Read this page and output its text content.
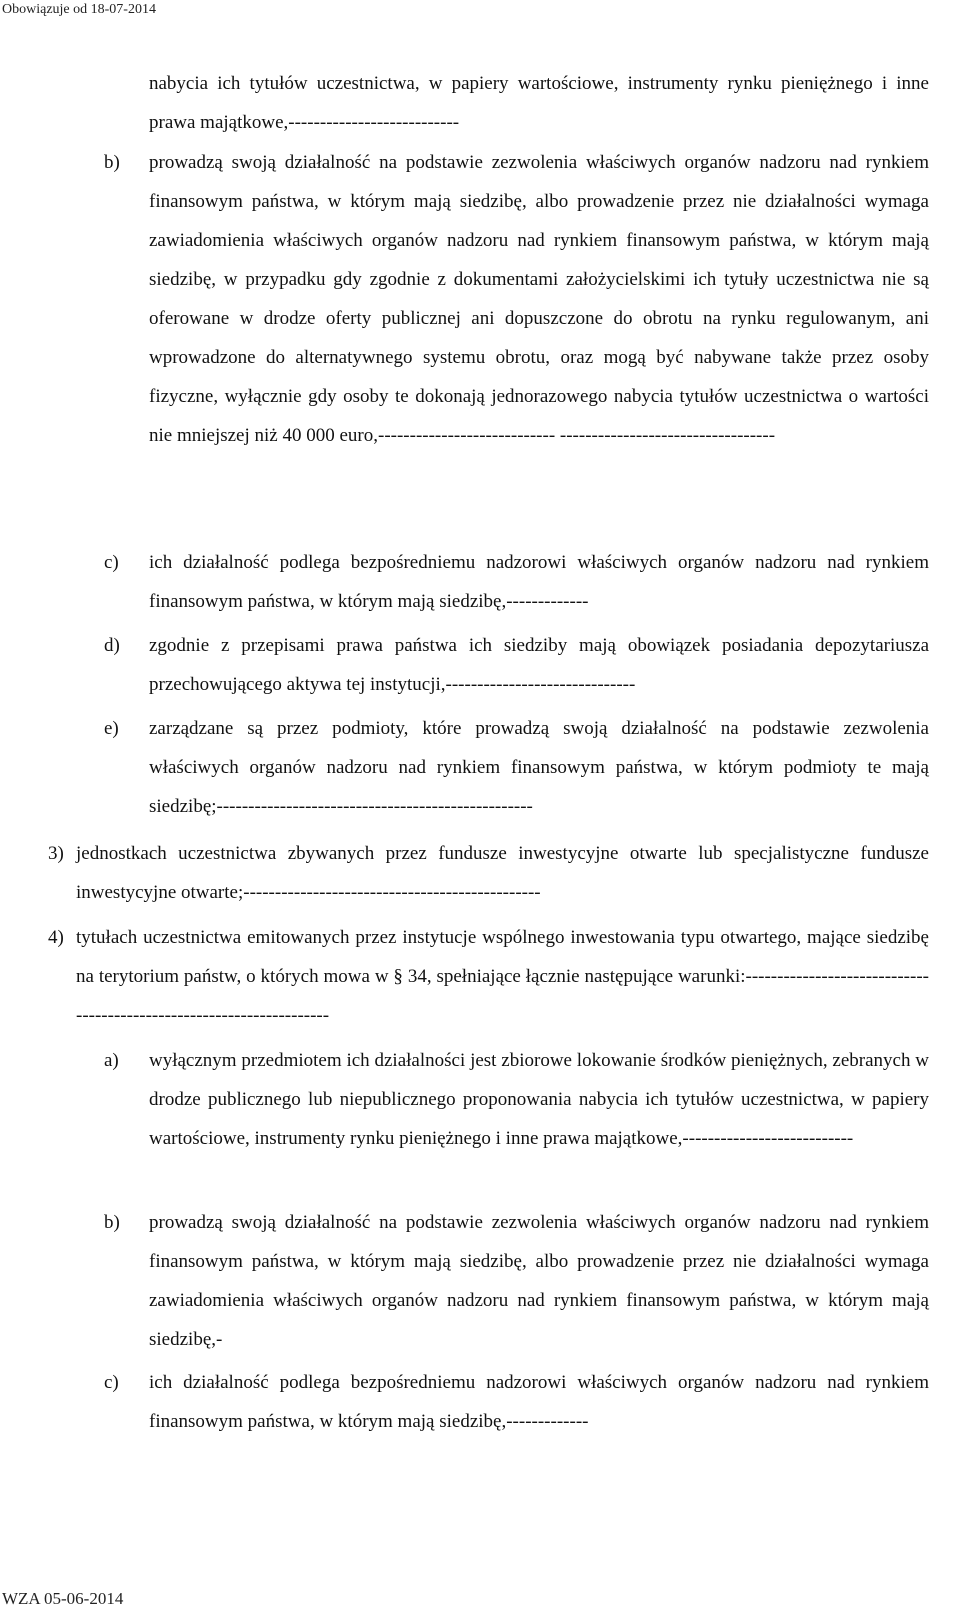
Obowiązuje od 18-07-2014

nabycia ich tytułów uczestnictwa, w papiery wartościowe, instrumenty rynku pieniężnego i inne prawa majątkowe,---------------------------

b) prowadzą swoją działalność na podstawie zezwolenia właściwych organów nadzoru nad rynkiem finansowym państwa, w którym mają siedzibę, albo prowadzenie przez nie działalności wymaga zawiadomienia właściwych organów nadzoru nad rynkiem finansowym państwa, w którym mają siedzibę, w przypadku gdy zgodnie z dokumentami założycielskimi ich tytuły uczestnictwa nie są oferowane w drodze oferty publicznej ani dopuszczone do obrotu na rynku regulowanym, ani wprowadzone do alternatywnego systemu obrotu, oraz mogą być nabywane także przez osoby fizyczne, wyłącznie gdy osoby te dokonają jednorazowego nabycia tytułów uczestnictwa o wartości nie mniejszej niż 40 000 euro,---------------------------- ----------------------------------

c) ich działalność podlega bezpośredniemu nadzorowi właściwych organów nadzoru nad rynkiem finansowym państwa, w którym mają siedzibę,-------------

d) zgodnie z przepisami prawa państwa ich siedziby mają obowiązek posiadania depozytariusza przechowującego aktywa tej instytucji,------------------------------

e) zarządzane są przez podmioty, które prowadzą swoją działalność na podstawie zezwolenia właściwych organów nadzoru nad rynkiem finansowym państwa, w którym podmioty te mają siedzibę;--------------------------------------------------

3) jednostkach uczestnictwa zbywanych przez fundusze inwestycyjne otwarte lub specjalistyczne fundusze inwestycyjne otwarte;-----------------------------------------------

4) tytułach uczestnictwa emitowanych przez instytucje wspólnego inwestowania typu otwartego, mające siedzibę na terytorium państw, o których mowa w § 34, spełniające łącznie następujące warunki:---------------------------------------------------------------------

a) wyłącznym przedmiotem ich działalności jest zbiorowe lokowanie środków pieniężnych, zebranych w drodze publicznego lub niepublicznego proponowania nabycia ich tytułów uczestnictwa, w papiery wartościowe, instrumenty rynku pieniężnego i inne prawa majątkowe,---------------------------

b) prowadzą swoją działalność na podstawie zezwolenia właściwych organów nadzoru nad rynkiem finansowym państwa, w którym mają siedzibę, albo prowadzenie przez nie działalności wymaga zawiadomienia właściwych organów nadzoru nad rynkiem finansowym państwa, w którym mają siedzibę,-

c) ich działalność podlega bezpośredniemu nadzorowi właściwych organów nadzoru nad rynkiem finansowym państwa, w którym mają siedzibę,-------------

WZA 05-06-2014
